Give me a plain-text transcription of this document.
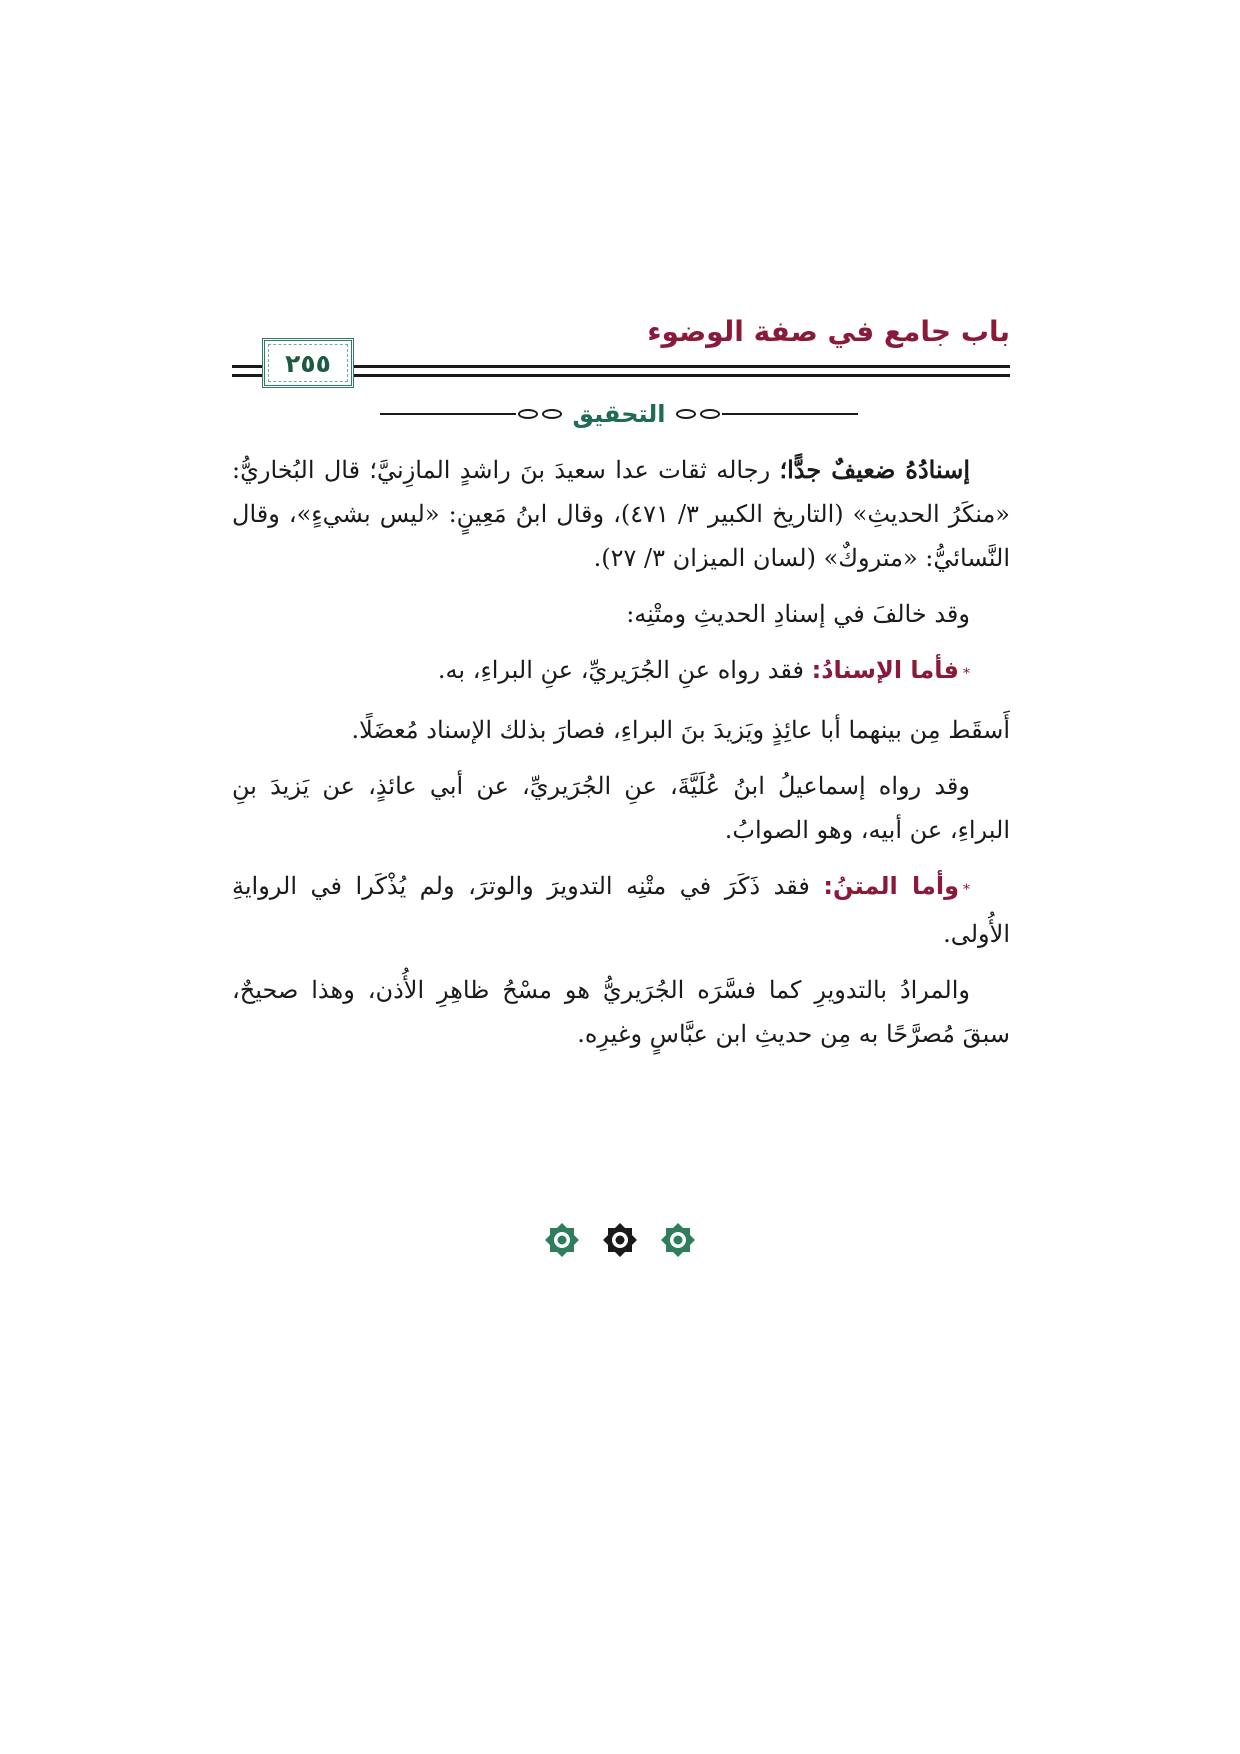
باب جامع في صفة الوضوء
٢٥٥
التحقيق

إسنادُهُ ضعيفٌ جدًّا؛ رجاله ثقات عدا سعيدَ بنَ راشدٍ المازِنيَّ؛ قال البُخاريُّ: «منكَرُ الحديثِ» (التاريخ الكبير ٣/ ٤٧١)، وقال ابنُ مَعِينٍ: «ليس بشيءٍ»، وقال النَّسائيُّ: «متروكٌ» (لسان الميزان ٣/ ٢٧).

وقد خالفَ في إسنادِ الحديثِ ومتْنِه:

*فأما الإسنادُ: فقد رواه عنِ الجُرَيريِّ، عنِ البراءِ، به.

أَسقَط مِن بينهما أبا عائِذٍ ويَزيدَ بنَ البراءِ، فصارَ بذلك الإسناد مُعضَلًا.

وقد رواه إسماعيلُ ابنُ عُلَيَّةَ، عنِ الجُرَيريِّ، عن أبي عائذٍ، عن يَزيدَ بنِ البراءِ، عن أبيه، وهو الصوابُ.

*وأما المتنُ: فقد ذَكَرَ في متْنِه التدويرَ والوترَ، ولم يُذْكَرا في الروايةِ الأُولى.

والمرادُ بالتدويرِ كما فسَّرَه الجُرَيريُّ هو مسْحُ ظاهِرِ الأُذن، وهذا صحيحٌ، سبقَ مُصرَّحًا به مِن حديثِ ابن عبَّاسٍ وغيرِه.
